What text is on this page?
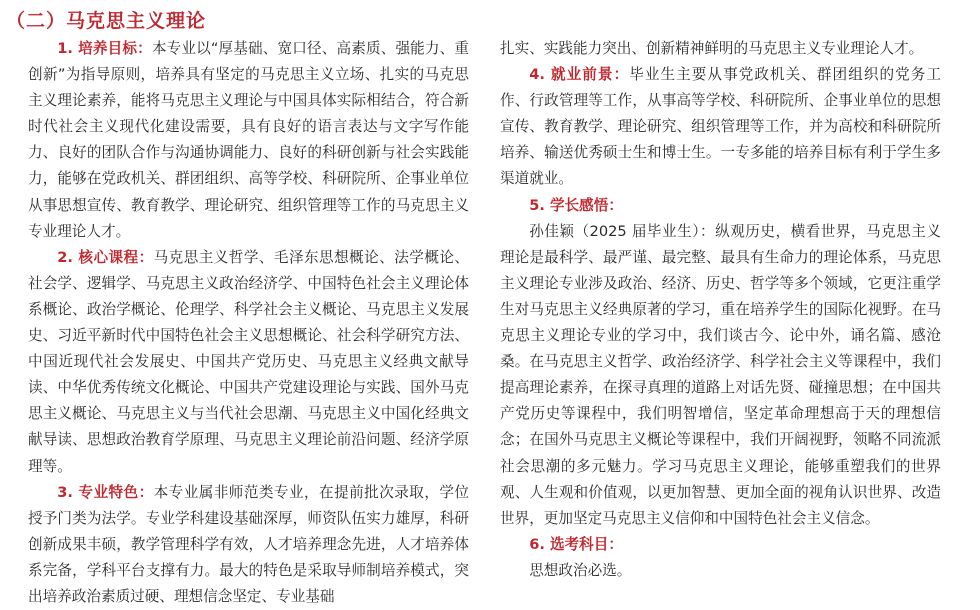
（二）马克思主义理论

1. 培养目标：本专业以“厚基础、宽口径、高素质、强能力、重创新”为指导原则，培养具有坚定的马克思主义立场、扎实的马克思主义理论素养，能将马克思主义理论与中国具体实际相结合，符合新时代社会主义现代化建设需要，具有良好的语言表达与文字写作能力、良好的团队合作与沟通协调能力、良好的科研创新与社会实践能力，能够在党政机关、群团组织、高等学校、科研院所、企事业单位从事思想宣传、教育教学、理论研究、组织管理等工作的马克思主义专业理论人才。

2. 核心课程：马克思主义哲学、毛泽东思想概论、法学概论、社会学、逻辑学、马克思主义政治经济学、中国特色社会主义理论体系概论、政治学概论、伦理学、科学社会主义概论、马克思主义发展史、习近平新时代中国特色社会主义思想概论、社会科学研究方法、中国近现代社会发展史、中国共产党历史、马克思主义经典文献导读、中华优秀传统文化概论、中国共产党建设理论与实践、国外马克思主义概论、马克思主义与当代社会思潮、马克思主义中国化经典文献导读、思想政治教育学原理、马克思主义理论前沿问题、经济学原理等。

3. 专业特色：本专业属非师范类专业，在提前批次录取，学位授予门类为法学。专业学科建设基础深厚，师资队伍实力雄厚，科研创新成果丰硕，教学管理科学有效，人才培养理念先进，人才培养体系完备，学科平台支撑有力。最大的特色是采取导师制培养模式，突出培养政治素质过硬、理想信念坚定、专业基础

扎实、实践能力突出、创新精神鲜明的马克思主义专业理论人才。

4. 就业前景：毕业生主要从事党政机关、群团组织的党务工作、行政管理等工作，从事高等学校、科研院所、企事业单位的思想宣传、教育教学、理论研究、组织管理等工作，并为高校和科研院所培养、输送优秀硕士生和博士生。一专多能的培养目标有利于学生多渠道就业。

5. 学长感悟：

孙佳颖（2025 届毕业生）：纵观历史，横看世界，马克思主义理论是最科学、最严谨、最完整、最具有生命力的理论体系，马克思主义理论专业涉及政治、经济、历史、哲学等多个领域，它更注重学生对马克思主义经典原著的学习，重在培养学生的国际化视野。在马克思主义理论专业的学习中，我们谈古今、论中外，诵名篇、感沧桑。在马克思主义哲学、政治经济学、科学社会主义等课程中，我们提高理论素养，在探寻真理的道路上对话先贤、碰撞思想；在中国共产党历史等课程中，我们明智增信，坚定革命理想高于天的理想信念；在国外马克思主义概论等课程中，我们开阔视野，领略不同流派社会思潮的多元魅力。学习马克思主义理论，能够重塑我们的世界观、人生观和价值观，以更加智慧、更加全面的视角认识世界、改造世界，更加坚定马克思主义信仰和中国特色社会主义信念。

6. 选考科目：

思想政治必选。
